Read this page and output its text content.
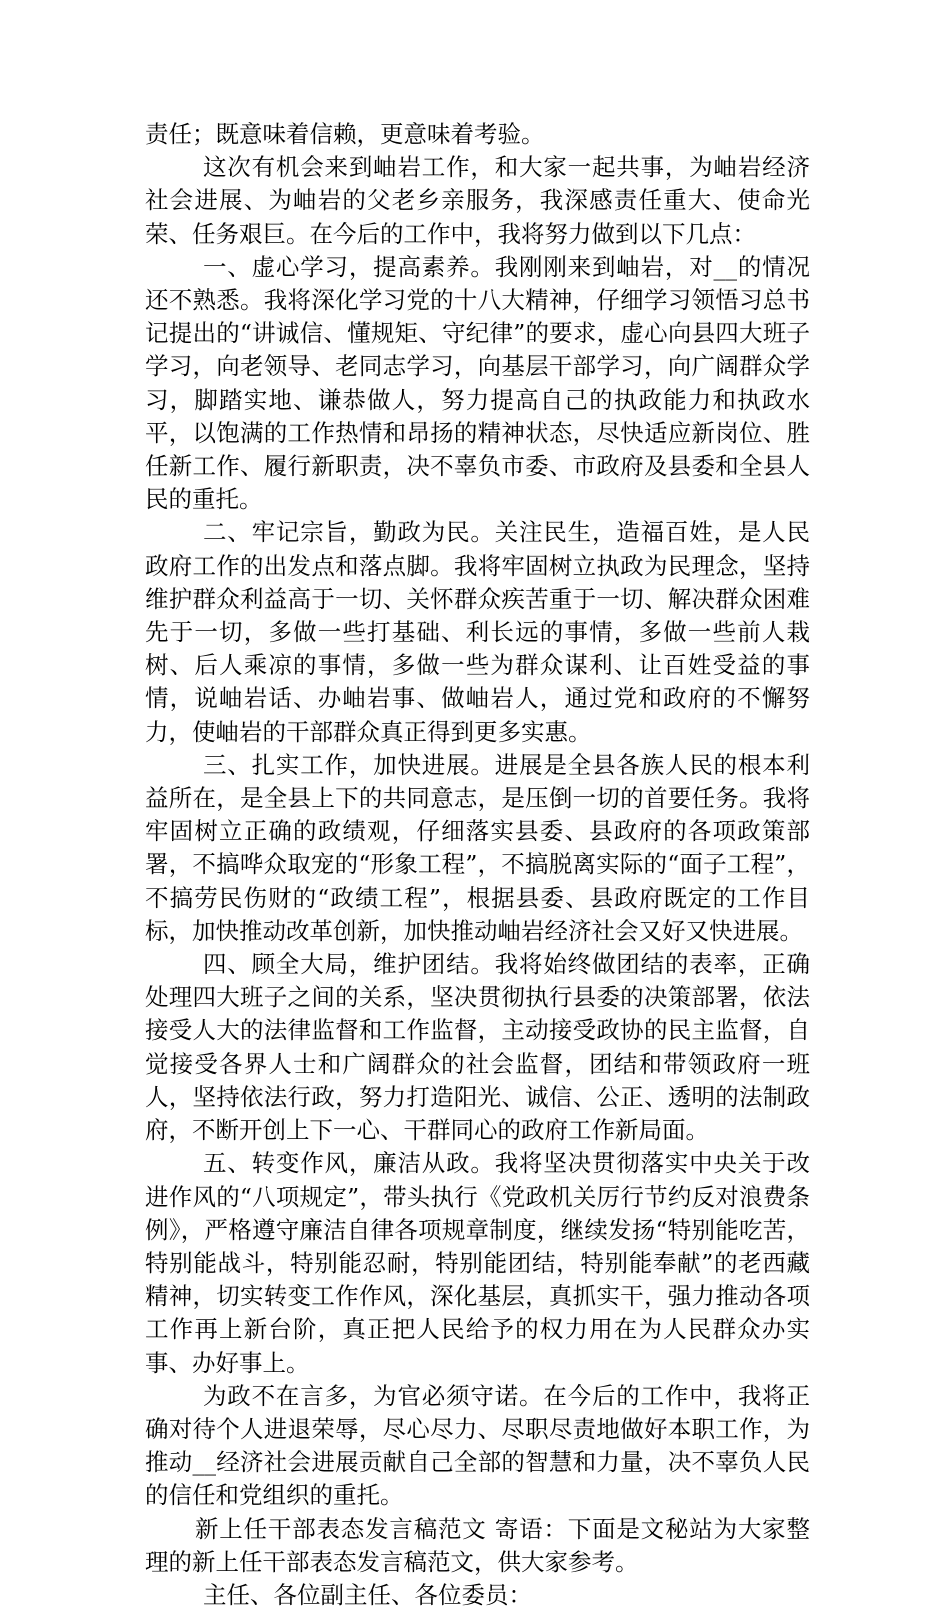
责任；既意味着信赖，更意味着考验。

这次有机会来到岫岩工作，和大家一起共事，为岫岩经济社会进展、为岫岩的父老乡亲服务，我深感责任重大、使命光荣、任务艰巨。在今后的工作中，我将努力做到以下几点：

一、虚心学习，提高素养。我刚刚来到岫岩，对__的情况还不熟悉。我将深化学习党的十八大精神，仔细学习领悟习总书记提出的“讲诚信、懂规矩、守纪律”的要求，虚心向县四大班子学习，向老领导、老同志学习，向基层干部学习，向广阔群众学习，脚踏实地、谦恭做人，努力提高自己的执政能力和执政水平，以饱满的工作热情和昂扬的精神状态，尽快适应新岗位、胜任新工作、履行新职责，决不辜负市委、市政府及县委和全县人民的重托。

二、牢记宗旨，勤政为民。关注民生，造福百姓，是人民政府工作的出发点和落点脚。我将牢固树立执政为民理念，坚持维护群众利益高于一切、关怀群众疾苦重于一切、解决群众困难先于一切，多做一些打基础、利长远的事情，多做一些前人栽树、后人乘凉的事情，多做一些为群众谋利、让百姓受益的事情，说岫岩话、办岫岩事、做岫岩人，通过党和政府的不懈努力，使岫岩的干部群众真正得到更多实惠。

三、扎实工作，加快进展。进展是全县各族人民的根本利益所在，是全县上下的共同意志，是压倒一切的首要任务。我将牢固树立正确的政绩观，仔细落实县委、县政府的各项政策部署，不搞哗众取宠的“形象工程”，不搞脱离实际的“面子工程”，不搞劳民伤财的“政绩工程”，根据县委、县政府既定的工作目标，加快推动改革创新，加快推动岫岩经济社会又好又快进展。

四、顾全大局，维护团结。我将始终做团结的表率，正确处理四大班子之间的关系，坚决贯彻执行县委的决策部署，依法接受人大的法律监督和工作监督，主动接受政协的民主监督，自觉接受各界人士和广阔群众的社会监督，团结和带领政府一班人，坚持依法行政，努力打造阳光、诚信、公正、透明的法制政府，不断开创上下一心、干群同心的政府工作新局面。

五、转变作风，廉洁从政。我将坚决贯彻落实中央关于改进作风的“八项规定”，带头执行《党政机关厉行节约反对浪费条例》，严格遵守廉洁自律各项规章制度，继续发扬“特别能吃苦，特别能战斗，特别能忍耐，特别能团结，特别能奉献”的老西藏精神，切实转变工作作风，深化基层，真抓实干，强力推动各项工作再上新台阶，真正把人民给予的权力用在为人民群众办实事、办好事上。

为政不在言多，为官必须守诺。在今后的工作中，我将正确对待个人进退荣辱，尽心尽力、尽职尽责地做好本职工作，为推动__经济社会进展贡献自己全部的智慧和力量，决不辜负人民的信任和党组织的重托。

新上任干部表态发言稿范文 寄语：下面是文秘站为大家整理的新上任干部表态发言稿范文，供大家参考。

主任、各位副主任、各位委员：
